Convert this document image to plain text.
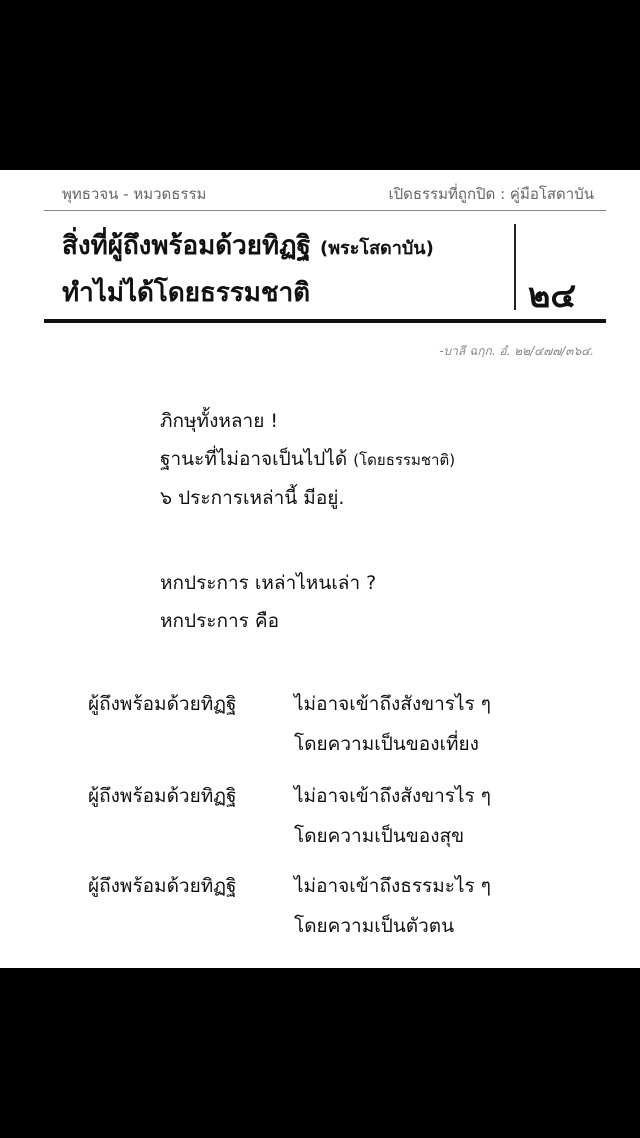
พุทธวจน - หมวดธรรม	เปิดธรรมที่ถูกปิด : คู่มือโสดาบัน
สิ่งที่ผู้ถึงพร้อมด้วยทิฏฐิ (พระโสดาบัน)
ทำไม่ได้โดยธรรมชาติ	๒๔
-บาลี ฉกฺก. อํ. ๒๒/๔๗๗/๓๖๔.
ภิกษุทั้งหลาย !
ฐานะที่ไม่อาจเป็นไปได้ (โดยธรรมชาติ)
๖ ประการเหล่านี้ มีอยู่.
หกประการ เหล่าไหนเล่า ?
หกประการ คือ
ผู้ถึงพร้อมด้วยทิฏฐิ	ไม่อาจเข้าถึงสังขารไร ๆ
โดยความเป็นของเที่ยง
ผู้ถึงพร้อมด้วยทิฏฐิ	ไม่อาจเข้าถึงสังขารไร ๆ
โดยความเป็นของสุข
ผู้ถึงพร้อมด้วยทิฏฐิ	ไม่อาจเข้าถึงธรรมะไร ๆ
โดยความเป็นตัวตน
